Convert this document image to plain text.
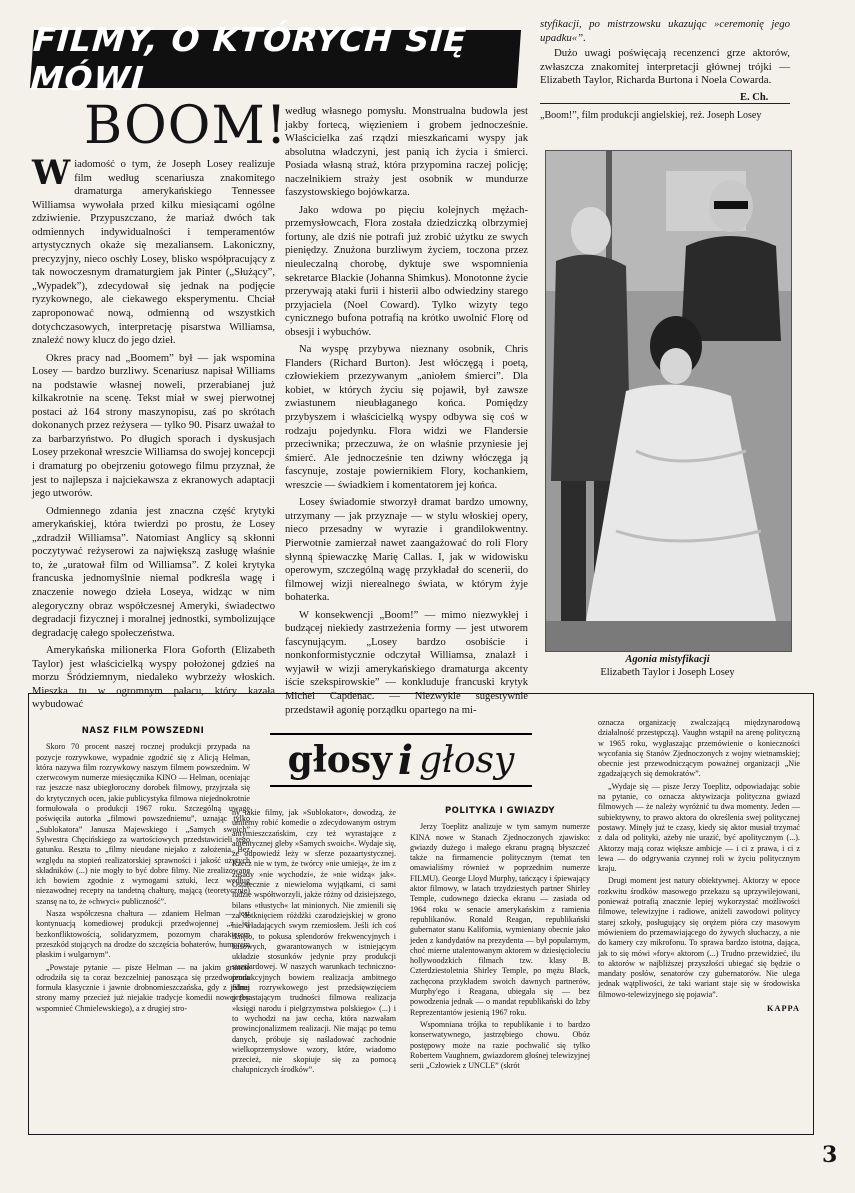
FILMY, O KTÓRYCH SIĘ MÓWI
BOOM!

Wiadomość o tym, że Joseph Losey realizuje film według scenariusza znakomitego dramaturga amerykańskiego Tennessee Williamsa wywołała przed kilku miesiącami ogólne zdziwienie. Przypuszczano, że mariaż dwóch tak odmiennych indywidualności i temperamentów artystycznych okaże się mezaliansem. Lakoniczny, precyzyjny, nieco oschły Losey, blisko współpracujący z tak nowoczesnym dramaturgiem jak Pinter („Służący”, „Wypadek”), zdecydował się jednak na podjęcie ryzykownego, ale ciekawego eksperymentu. Chciał zaproponować nową, odmienną od wszystkich dotychczasowych, interpretację pisarstwa Williamsa, znaleźć nowy klucz do jego dzieł.

Okres pracy nad „Boomem” był — jak wspomina Losey — bardzo burzliwy. Scenariusz napisał Williams na podstawie własnej noweli, przerabianej już kilkakrotnie na scenę. Tekst miał w swej pierwotnej postaci aż 164 strony maszynopisu, zaś po skrótach dokonanych przez reżysera — tylko 90. Pisarz uważał to za barbarzyństwo. Po długich sporach i dyskusjach Losey przekonał wreszcie Williamsa do swojej koncepcji i dramaturg po obejrzeniu gotowego filmu przyznał, że jest to najlepsza i najciekawsza z ekranowych adaptacji jego utworów.

Odmiennego zdania jest znaczna część krytyki amerykańskiej, która twierdzi po prostu, że Losey „zdradził Williamsa”. Natomiast Anglicy są skłonni poczytywać reżyserowi za największą zasługę właśnie to, że „uratował film od Williamsa”. Z kolei krytyka francuska jednomyślnie niemal podkreśla wagę i znaczenie nowego dzieła Loseya, widząc w nim alegoryczny obraz współczesnej Ameryki, świadectwo degradacji fizycznej i moralnej jednostki, symbolizujące degradację całego społeczeństwa.

Amerykańska milionerka Flora Goforth (Elizabeth Taylor) jest właścicielką wyspy położonej gdzieś na morzu Śródziemnym, niedaleko wybrzeży włoskich. Mieszka tu w ogromnym pałacu, który kazała wybudować

według własnego pomysłu. Monstrualna budowla jest jakby fortecą, więzieniem i grobem jednocześnie. Właścicielka zaś rządzi mieszkańcami wyspy jak absolutna władczyni, jest panią ich życia i śmierci. Posiada własną straż, która przypomina raczej policję; naczelnikiem straży jest osobnik w mundurze faszystowskiego bojówkarza.

Jako wdowa po pięciu kolejnych mężach-przemysłowcach, Flora została dziedziczką olbrzymiej fortuny, ale dziś nie potrafi już zrobić użytku ze swych pieniędzy. Znużona burzliwym życiem, toczona przez nieuleczalną chorobę, dyktuje swe wspomnienia sekretarce Blackie (Johanna Shimkus). Monotonne życie przerywają ataki furii i histerii albo odwiedziny starego przyjaciela (Noel Coward). Tylko wizyty tego cynicznego bufona potrafią na krótko uwolnić Florę od obsesji i wybuchów.

Na wyspę przybywa nieznany osobnik, Chris Flanders (Richard Burton). Jest włóczęgą i poetą, człowiekiem przezywanym „aniołem śmierci”. Dla kobiet, w których życiu się pojawił, był zawsze zwiastunem nieubłaganego końca. Pomiędzy przybyszem i właścicielką wyspy odbywa się coś w rodzaju pojedynku. Flora widzi we Flandersie przeciwnika; przeczuwa, że on właśnie przyniesie jej śmierć. Ale jednocześnie ten dziwny włóczęga ją fascynuje, zostaje powiernikiem Flory, kochankiem, wreszcie — świadkiem i komentatorem jej końca.

Losey świadomie stworzył dramat bardzo umowny, utrzymany — jak przyznaje — w stylu włoskiej opery, nieco przesadny w wyrazie i grandilokwentny. Pierwotnie zamierzał nawet zaangażować do roli Flory słynną śpiewaczkę Marię Callas. I, jak w widowisku operowym, szczególną wagę przykładał do scenerii, do filmowej wizji nierealnego świata, w którym żyje bohaterka.

W konsekwencji „Boom!” — mimo niezwykłej i budzącej niekiedy zastrzeżenia formy — jest utworem fascynującym. „Losey bardzo osobiście i nonkonformistycznie odczytał Williamsa, znalazł i wyjawił w wizji amerykańskiego dramaturga akcenty iście szekspirowskie” — konkluduje francuski krytyk Michel Capdenac. — Niezwykle sugestywnie przedstawił agonię porządku opartego na mi-

styfikacji, po mistrzowsku ukazując »ceremonię jego upadku«”.

Dużo uwagi poświęcają recenzenci grze aktorów, zwłaszcza znakomitej interpretacji głównej trójki — Elizabeth Taylor, Richarda Burtona i Noela Cowarda.

E. Ch.
„Boom!”, film produkcji angielskiej, reż. Joseph Losey
Agonia mistyfikacji
Elizabeth Taylor i Joseph Losey
głosy i głosy
NASZ FILM POWSZEDNI

Skoro 70 procent naszej rocznej produkcji przypada na pozycje rozrywkowe, wypadnie zgodzić się z Alicją Helman, która nazywa film rozrywkowy naszym filmem powszednim. W czerwcowym numerze miesięcznika KINO — Helman, oceniając raz jeszcze nasz ubiegłoroczny dorobek filmowy, przyjrzała się do krytycznych ocen, jakie publicystyka filmowa niejednokrotnie formułowała o produkcji 1967 roku. Szczególną uwagę poświęciła autorka „filmowi powszedniemu”, uznając tylko „Sublokatora” Janusza Majewskiego i „Samych swoich” Sylwestra Chęcińskiego za wartościowych przedstawicieli tego gatunku. Reszta to „filmy nieudane niejako z założenia. Bez względu na stopień realizatorskiej sprawności i jakość użytych składników (...) nie mogły to być dobre filmy. Nie zrealizowane ich bowiem zgodnie z wymogami sztuki, lecz według niezawodnej recepty na tandetną chałturę, mającą (teoretycznie) szansę na to, że »chwyci« publiczność”.

Nasza współczesna chałtura — zdaniem Helman — jest kontynuacją komediowej produkcji przedwojennej „z jej bezkonfliktowością, solidaryzmem, pozornym charakterem przeszkód stojących na drodze do szczęścia bohaterów, humorem płaskim i wulgarnym”.

„Powstaje pytanie — pisze Helman — na jakim gruncie odrodziła się ta coraz bezczelniej panosząca się przedwojenna formuła klasycznie i jawnie drobnomieszczańska, gdy z jednej strony mamy przecież już niejakie tradycje komedii nowej (by wspomnieć Chmielewskiego), a z drugiej stro-

ny takie filmy, jak »Sublokator«, dowodzą, że umiemy robić komedie o zdecydowanym ostrym antymieszczańskim, czy też wyrastające z autentycznej gleby »Samych swoich«. Wydaje się, że odpowiedź leży w sferze pozaartystycznej. Rzecz nie w tym, że twórcy »nie umieją«, że im z zasady »nie wychodzi«, że »nie widzą« jak«. Ostatecznie z niewieloma wyjątkami, ci sami ludzie współtworzyli, jakże różny od dzisiejszego, bilans »tłustych« lat minionych. Nie zmienili się za dotknięciem różdżki czarodziejskiej w grono nie władających swym rzemiosłem. Jeśli ich coś tknęło, to pokusa splendorów frekwencyjnych i kasowych, gwarantowanych w istniejącym układzie stosunków jedynie przy produkcji standardowej. W naszych warunkach techniczno-produkcyjnych bowiem realizacja ambitnego filmu rozrywkowego jest przedsięwzięciem przerastającym trudności filmowa realizacja »księgi narodu i pielgrzymstwa polskiego« (...) i to wychodzi na jaw cecha, która nazwałam prowincjonalizmem realizacji. Nie mając po temu danych, próbuje się naśladować zachodnie wielkoprzemysłowe wzory, które, wiadomo przecież, nie skopiuje się za pomocą chałupniczych środków”.

POLITYKA I GWIAZDY

Jerzy Toeplitz analizuje w tym samym numerze KINA nowe w Stanach Zjednoczonych zjawisko: gwiazdy dużego i małego ekranu pragną błyszczeć także na firmamencie politycznym (temat ten omawialiśmy również w poprzednim numerze FILMU). George Lloyd Murphy, tańczący i śpiewający aktor filmowy, w latach trzydziestych partner Shirley Temple, cudownego dziecka ekranu — zasiada od 1964 roku w senacie amerykańskim z ramienia republikanów. Ronald Reagan, republikański gubernator stanu Kalifornia, wymieniany obecnie jako jeden z kandydatów na prezydenta — był popularnym, choć mierne utalentowanym aktorem w dziesięcioleciu hollywoodzkich filmach tzw. klasy B. Czterdziestoletnia Shirley Temple, po mężu Black, zachęcona przykładem swoich dawnych partnerów, Murphy'ego i Reagana, ubiegała się — bez powodzenia jednak — o mandat republikański do Izby Reprezentantów jesienią 1967 roku.

Wspomniana trójka to republikanie i to bardzo konserwatywnego, jastrzębiego chowu. Obóz postępowy może na razie pochwalić się tylko Robertem Vaughnem, gwiazdorem głośnej telewizyjnej serii „Człowiek z UNCLE” (skrót

oznacza organizację zwalczającą międzynarodową działalność przestępczą). Vaughn wstąpił na arenę polityczną w 1965 roku, wygłaszając przemówienie o konieczności wycofania się Stanów Zjednoczonych z wojny wietnamskiej; obecnie jest przewodniczącym poważnej organizacji „Nie zgadzających się demokratów”.

„Wydaje się — pisze Jerzy Toeplitz, odpowiadając sobie na pytanie, co oznacza aktywizacja polityczna gwiazd filmowych — że należy wyróżnić tu dwa momenty. Jeden — subiektywny, to prawo aktora do określenia swej politycznej postawy. Minęły już te czasy, kiedy się aktor musiał trzymać z dala od polityki, ażeby nie urazić, być apolitycznym (...). Aktorzy mają coraz większe ambicje — i ci z prawa, i ci z lewa — do odgrywania czynnej roli w życiu politycznym kraju.

Drugi moment jest natury obiektywnej. Aktorzy w epoce rozkwitu środków masowego przekazu są uprzywilejowani, ponieważ potrafią znacznie lepiej wykorzystać możliwości filmowe, telewizyjne i radiowe, aniżeli zawodowi politycy starej szkoły, posługujący się orężem pióra czy masowym mówieniem do przemawiającego do żywych słuchaczy, a nie do kamery czy mikrofonu. To sprawa bardzo istotna, dająca, jak to się mówi »fory« aktorom (...) Trudno przewidzieć, ilu to aktorów w najbliższej przyszłości ubiegać się będzie o mandaty posłów, senatorów czy gubernatorów. Nie ulega jednak wątpliwości, że taki wariant staje się w środowiska filmowo-telewizyjnego się pojawia”.

KAPPA
3
